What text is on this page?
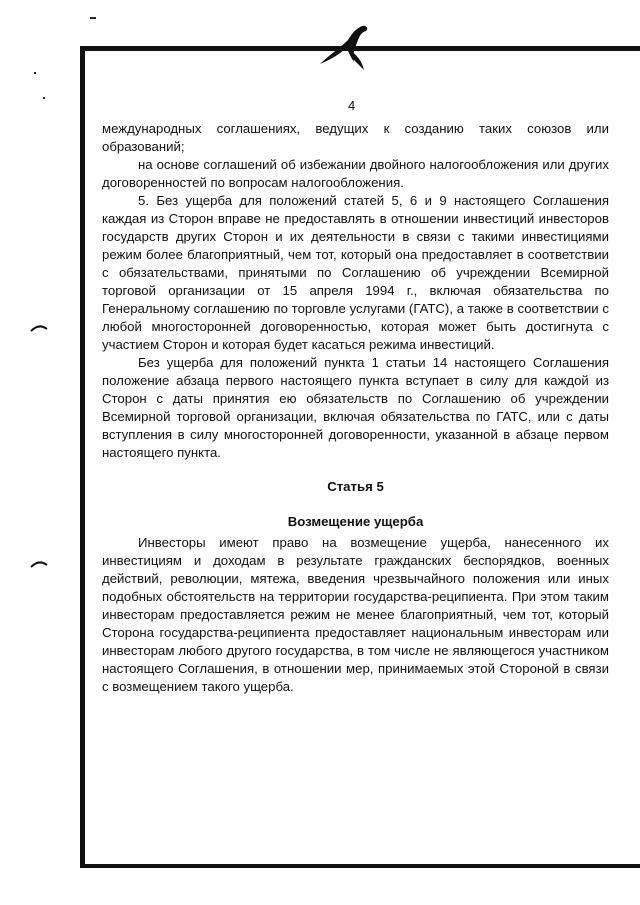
4

международных соглашениях, ведущих к созданию таких союзов или образований;

на основе соглашений об избежании двойного налогообложения или других договоренностей по вопросам налогообложения.

5. Без ущерба для положений статей 5, 6 и 9 настоящего Соглашения каждая из Сторон вправе не предоставлять в отношении инвестиций инвесторов государств других Сторон и их деятельности в связи с такими инвестициями режим более благоприятный, чем тот, который она предоставляет в соответствии с обязательствами, принятыми по Соглашению об учреждении Всемирной торговой организации от 15 апреля 1994 г., включая обязательства по Генеральному соглашению по торговле услугами (ГАТС), а также в соответствии с любой многосторонней договоренностью, которая может быть достигнута с участием Сторон и которая будет касаться режима инвестиций.

Без ущерба для положений пункта 1 статьи 14 настоящего Соглашения положение абзаца первого настоящего пункта вступает в силу для каждой из Сторон с даты принятия ею обязательств по Соглашению об учреждении Всемирной торговой организации, включая обязательства по ГАТС, или с даты вступления в силу многосторонней договоренности, указанной в абзаце первом настоящего пункта.

Статья 5

Возмещение ущерба

Инвесторы имеют право на возмещение ущерба, нанесенного их инвестициям и доходам в результате гражданских беспорядков, военных действий, революции, мятежа, введения чрезвычайного положения или иных подобных обстоятельств на территории государства-реципиента. При этом таким инвесторам предоставляется режим не менее благоприятный, чем тот, который Сторона государства-реципиента предоставляет национальным инвесторам или инвесторам любого другого государства, в том числе не являющегося участником настоящего Соглашения, в отношении мер, принимаемых этой Стороной в связи с возмещением такого ущерба.
